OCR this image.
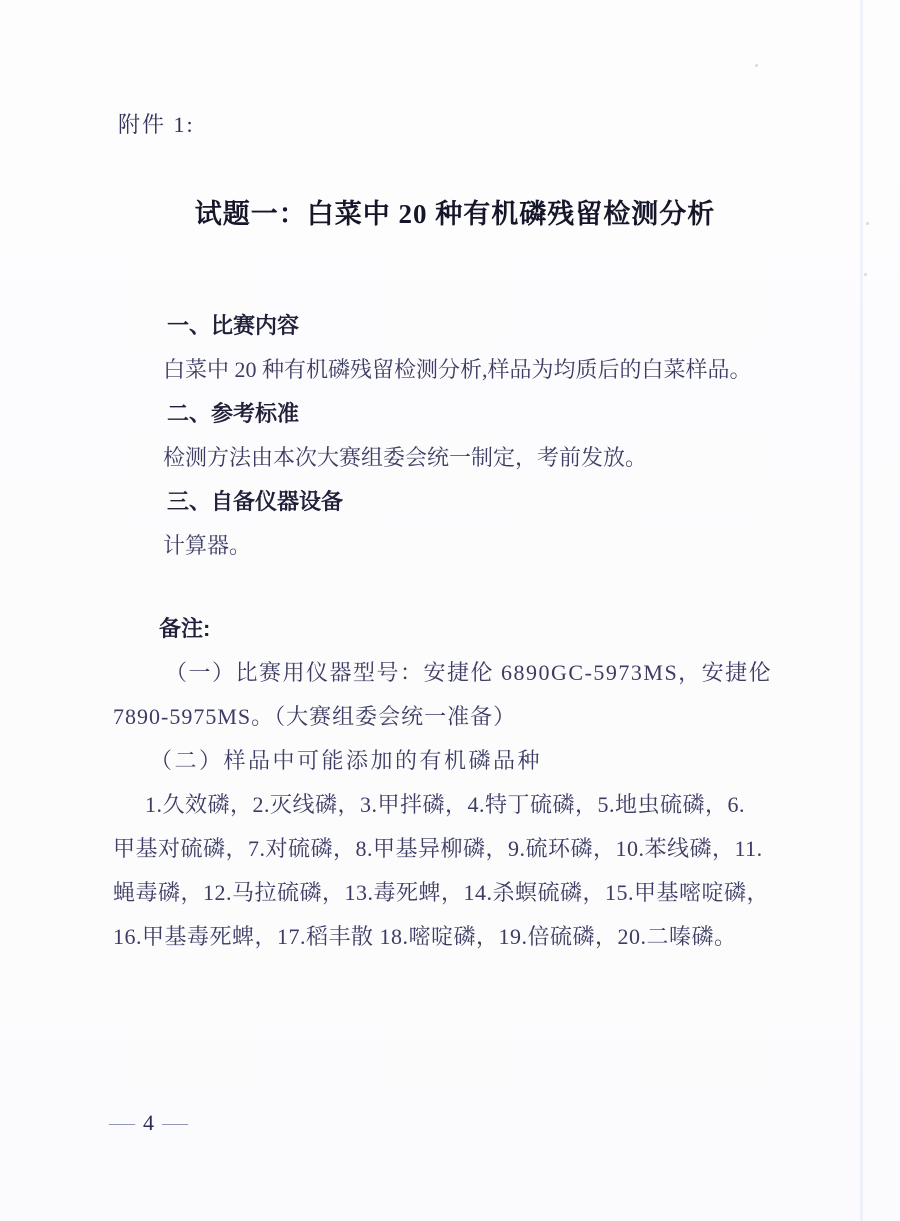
附件 1:
试题一：白菜中 20 种有机磷残留检测分析

一、比赛内容

白菜中 20 种有机磷残留检测分析,样品为均质后的白菜样品。

二、参考标准

检测方法由本次大赛组委会统一制定，考前发放。

三、自备仪器设备

计算器。

备注:

（一）比赛用仪器型号：安捷伦 6890GC-5973MS，安捷伦

7890-5975MS。（大赛组委会统一准备）

（二）样品中可能添加的有机磷品种

1.久效磷，2.灭线磷，3.甲拌磷，4.特丁硫磷，5.地虫硫磷，6.

甲基对硫磷，7.对硫磷，8.甲基异柳磷，9.硫环磷，10.苯线磷，11.

蝇毒磷，12.马拉硫磷，13.毒死蜱，14.杀螟硫磷，15.甲基嘧啶磷，

16.甲基毒死蜱，17.稻丰散 18.嘧啶磷，19.倍硫磷，20.二嗪磷。

— 4 —
